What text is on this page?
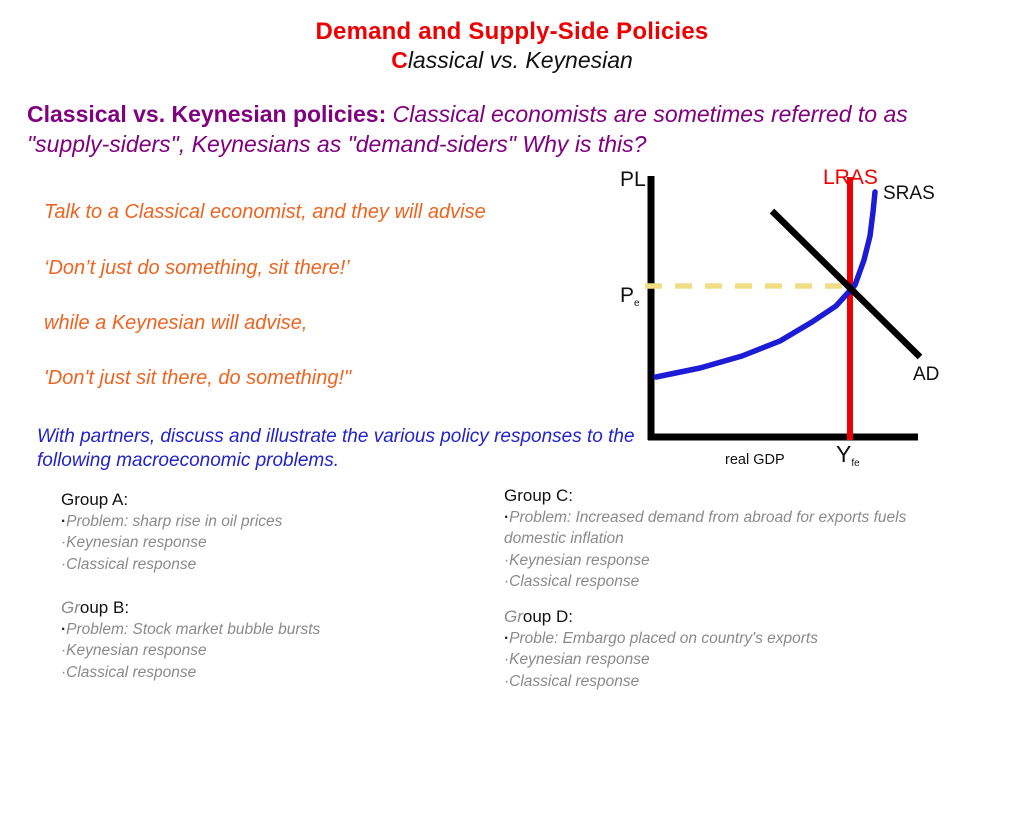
Demand and Supply-Side Policies
Classical vs. Keynesian
Classical vs. Keynesian policies: Classical economists are sometimes referred to as "supply-siders", Keynesians as "demand-siders" Why is this?
Talk to a Classical economist, and they will advise
‘Don’t just do something, sit there!’
while a Keynesian will advise,
'Don't just sit there, do something!"
With partners, discuss and illustrate the various policy responses to the following macroeconomic problems.
PL	LRAS
SRAS
AD
Pe
Yfe
real GDP
Group A:
·Problem: sharp rise in oil prices
·Keynesian response
·Classical response
Group B:
·Problem: Stock market bubble bursts
·Keynesian response
·Classical response
Group C:
·Problem: Increased demand from abroad for exports fuels domestic inflation
·Keynesian response
·Classical response
Group D:
·Proble: Embargo placed on country's exports
·Keynesian response
·Classical response
